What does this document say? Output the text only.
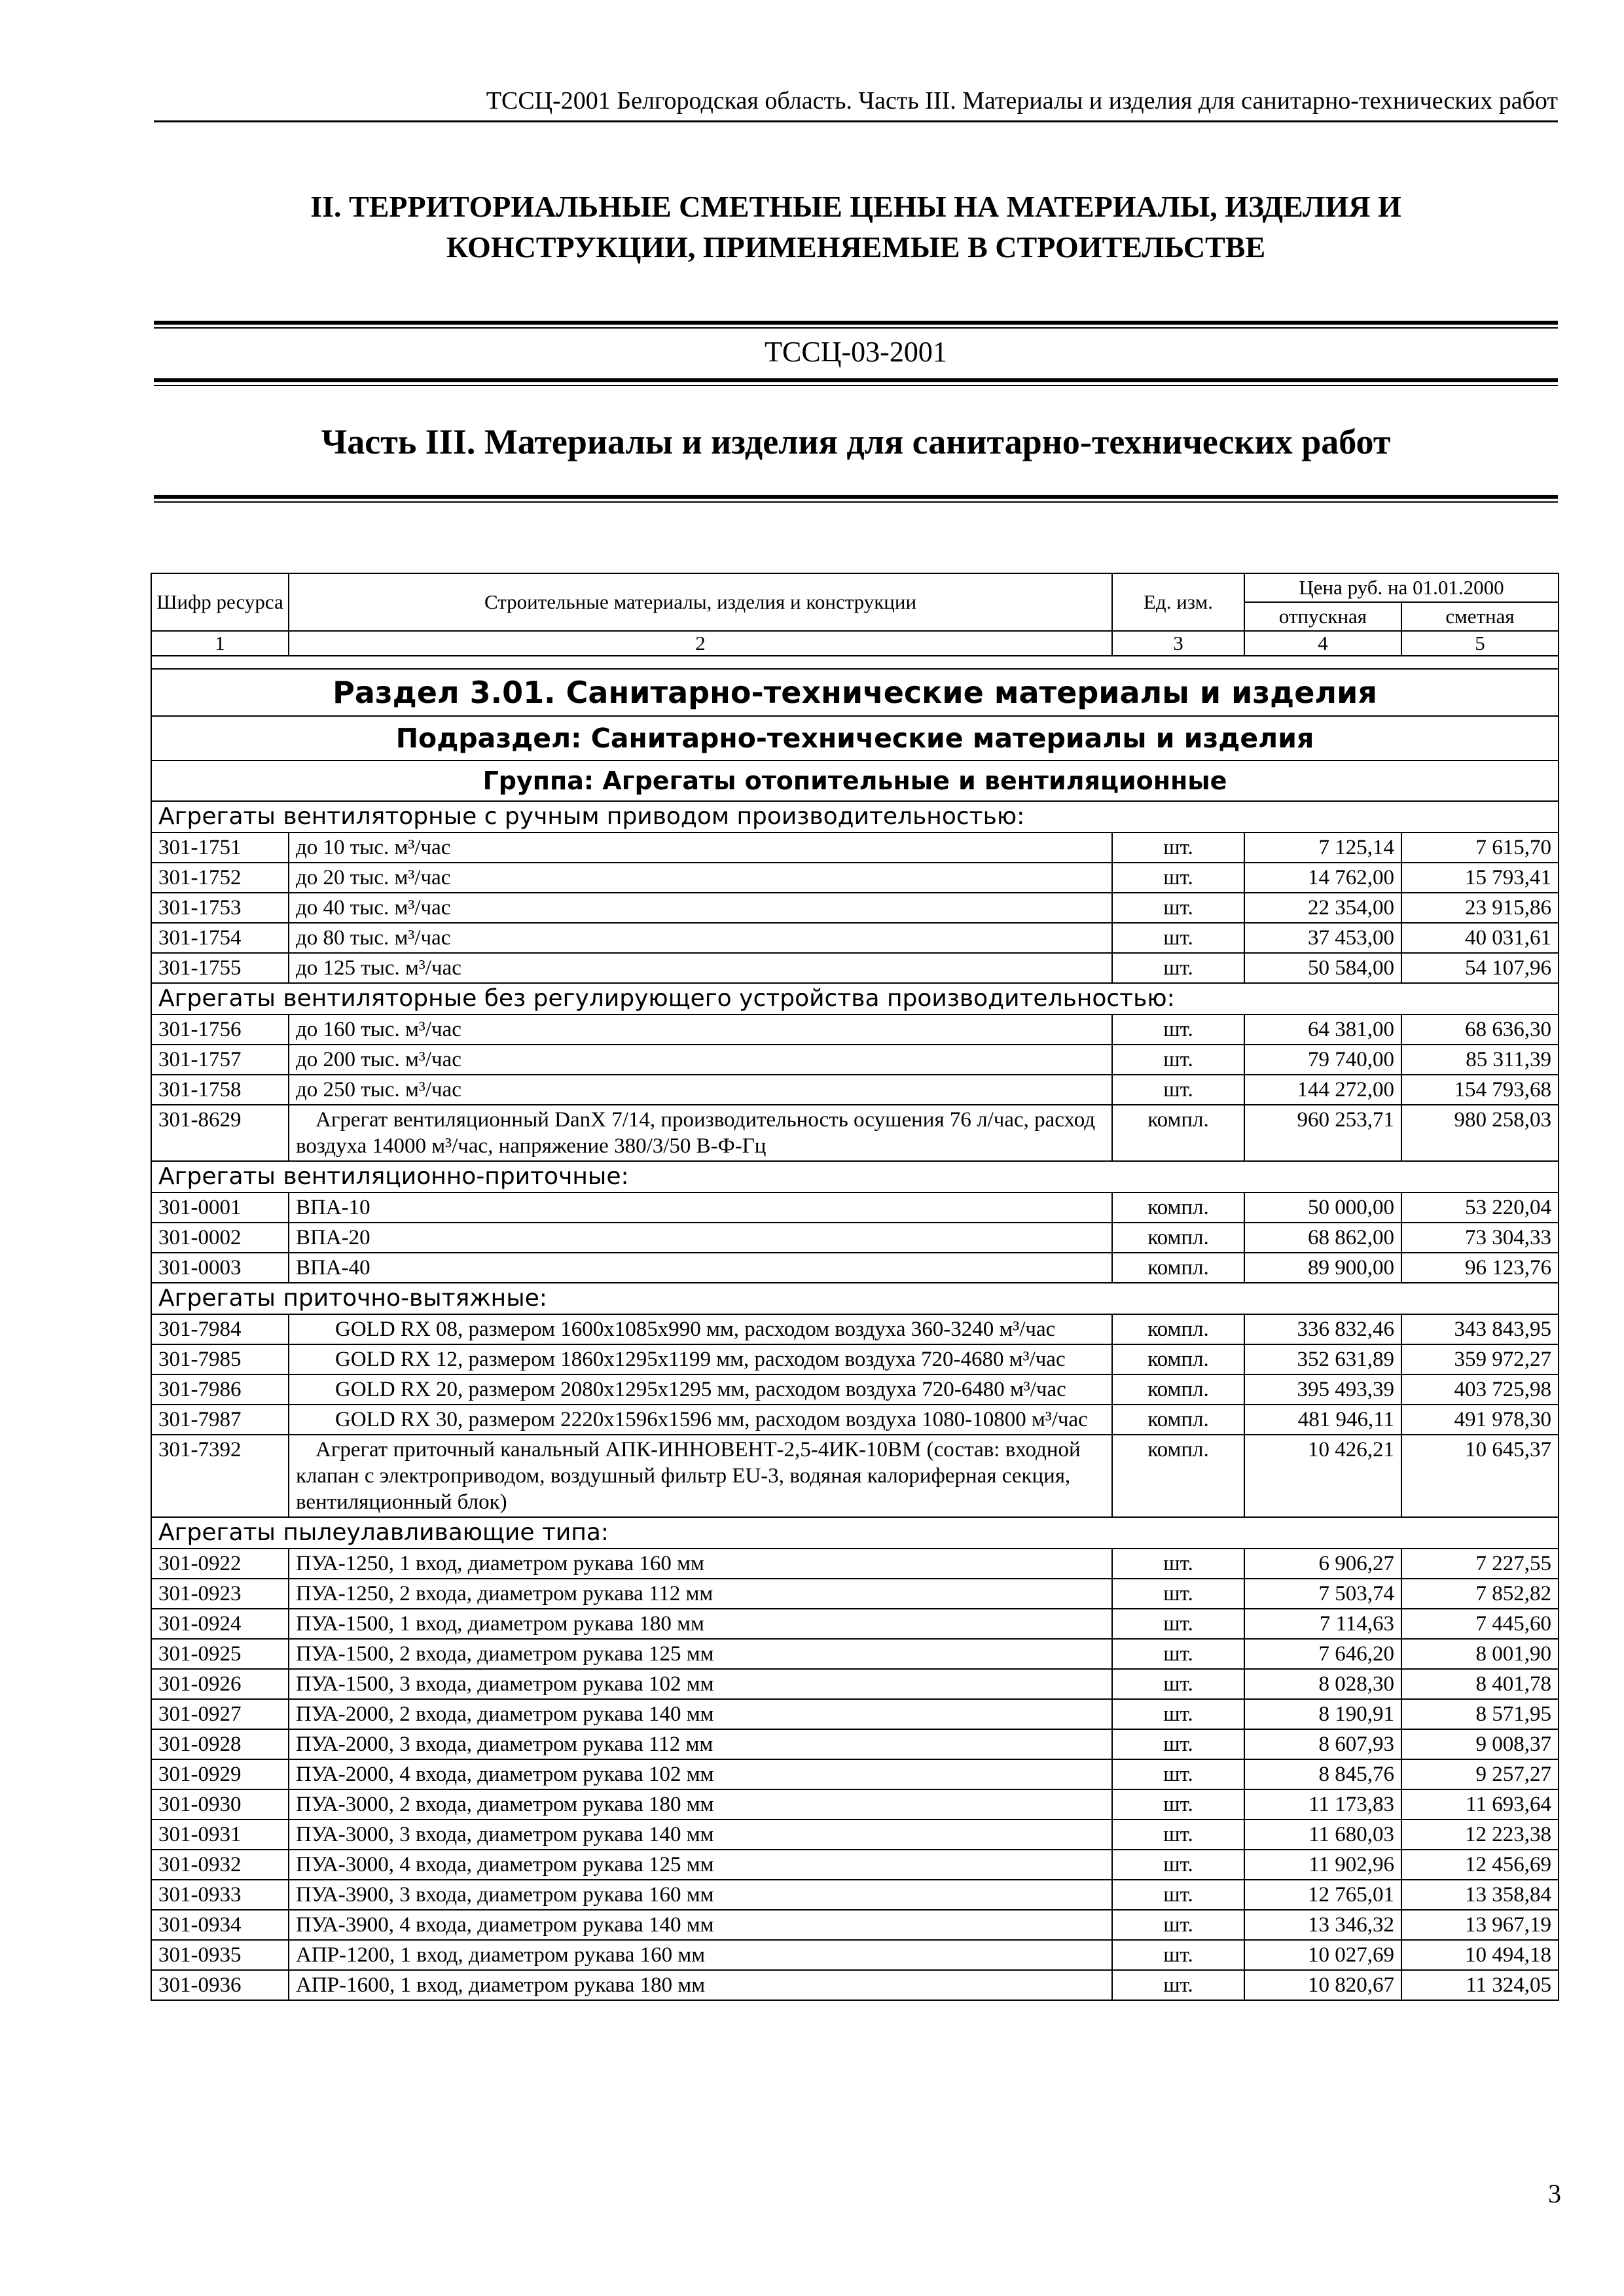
ТССЦ-2001 Белгородская область. Часть III. Материалы и изделия для санитарно-технических работ
II. ТЕРРИТОРИАЛЬНЫЕ СМЕТНЫЕ ЦЕНЫ НА МАТЕРИАЛЫ, ИЗДЕЛИЯ И
КОНСТРУКЦИИ, ПРИМЕНЯЕМЫЕ В СТРОИТЕЛЬСТВЕ
ТССЦ-03-2001
Часть III. Материалы и изделия для санитарно-технических работ
Шифр ресурса	Строительные материалы, изделия и конструкции	Ед. изм.	Цена руб. на 01.01.2000	
			отпускная	сметная
1	2	3	4	5

Раздел 3.01. Санитарно-технические материалы и изделия				
Подраздел: Санитарно-технические материалы и изделия				
Группа: Агрегаты отопительные и вентиляционные				
Агрегаты вентиляторные с ручным приводом производительностью:				
301-1751	до 10 тыс. м³/час	шт.	7 125,14	7 615,70
301-1752	до 20 тыс. м³/час	шт.	14 762,00	15 793,41
301-1753	до 40 тыс. м³/час	шт.	22 354,00	23 915,86
301-1754	до 80 тыс. м³/час	шт.	37 453,00	40 031,61
301-1755	до 125 тыс. м³/час	шт.	50 584,00	54 107,96
Агрегаты вентиляторные без регулирующего устройства производительностью:				
301-1756	до 160 тыс. м³/час	шт.	64 381,00	68 636,30
301-1757	до 200 тыс. м³/час	шт.	79 740,00	85 311,39
301-1758	до 250 тыс. м³/час	шт.	144 272,00	154 793,68
301-8629	Агрегат вентиляционный DanX 7/14, производительность осушения 76 л/час, расход воздуха 14000 м³/час, напряжение 380/3/50 В-Ф-Гц	компл.	960 253,71	980 258,03
Агрегаты вентиляционно-приточные:				
301-0001	ВПА-10	компл.	50 000,00	53 220,04
301-0002	ВПА-20	компл.	68 862,00	73 304,33
301-0003	ВПА-40	компл.	89 900,00	96 123,76
Агрегаты приточно-вытяжные:				
301-7984	GOLD RX 08, размером 1600х1085х990 мм, расходом воздуха 360-3240 м³/час	компл.	336 832,46	343 843,95
301-7985	GOLD RX 12, размером 1860х1295х1199 мм, расходом воздуха 720-4680 м³/час	компл.	352 631,89	359 972,27
301-7986	GOLD RX 20, размером 2080х1295х1295 мм, расходом воздуха 720-6480 м³/час	компл.	395 493,39	403 725,98
301-7987	GOLD RX 30, размером 2220х1596х1596 мм, расходом воздуха 1080-10800 м³/час	компл.	481 946,11	491 978,30
301-7392	Агрегат приточный канальный АПК-ИННОВЕНТ-2,5-4ИК-10ВМ (состав: входной клапан с электроприводом, воздушный фильтр EU-3, водяная калориферная секция, вентиляционный блок)	компл.	10 426,21	10 645,37
Агрегаты пылеулавливающие типа:				
301-0922	ПУА-1250, 1 вход, диаметром рукава 160 мм	шт.	6 906,27	7 227,55
301-0923	ПУА-1250, 2 входа, диаметром рукава 112 мм	шт.	7 503,74	7 852,82
301-0924	ПУА-1500, 1 вход, диаметром рукава 180 мм	шт.	7 114,63	7 445,60
301-0925	ПУА-1500, 2 входа, диаметром рукава 125 мм	шт.	7 646,20	8 001,90
301-0926	ПУА-1500, 3 входа, диаметром рукава 102 мм	шт.	8 028,30	8 401,78
301-0927	ПУА-2000, 2 входа, диаметром рукава 140 мм	шт.	8 190,91	8 571,95
301-0928	ПУА-2000, 3 входа, диаметром рукава 112 мм	шт.	8 607,93	9 008,37
301-0929	ПУА-2000, 4 входа, диаметром рукава 102 мм	шт.	8 845,76	9 257,27
301-0930	ПУА-3000, 2 входа, диаметром рукава 180 мм	шт.	11 173,83	11 693,64
301-0931	ПУА-3000, 3 входа, диаметром рукава 140 мм	шт.	11 680,03	12 223,38
301-0932	ПУА-3000, 4 входа, диаметром рукава 125 мм	шт.	11 902,96	12 456,69
301-0933	ПУА-3900, 3 входа, диаметром рукава 160 мм	шт.	12 765,01	13 358,84
301-0934	ПУА-3900, 4 входа, диаметром рукава 140 мм	шт.	13 346,32	13 967,19
301-0935	АПР-1200, 1 вход, диаметром рукава 160 мм	шт.	10 027,69	10 494,18
301-0936	АПР-1600, 1 вход, диаметром рукава 180 мм	шт.	10 820,67	11 324,05
3
